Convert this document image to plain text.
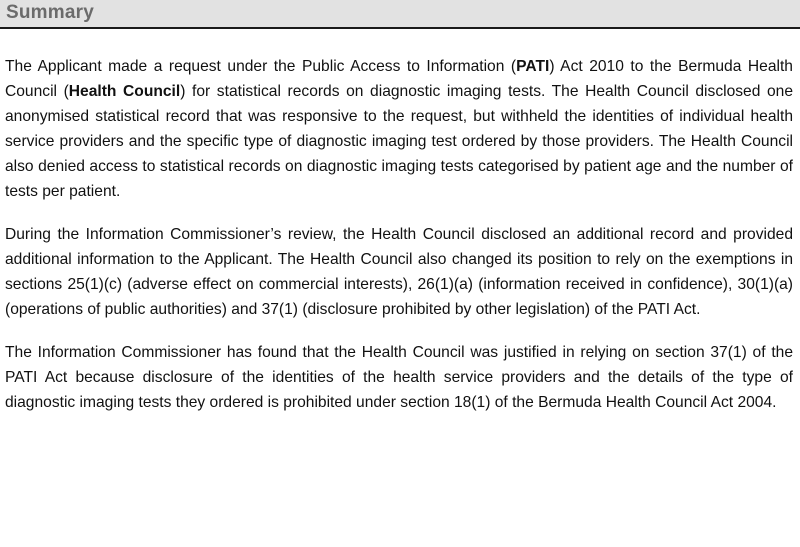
Summary

The Applicant made a request under the Public Access to Information (PATI) Act 2010 to the Bermuda Health Council (Health Council) for statistical records on diagnostic imaging tests. The Health Council disclosed one anonymised statistical record that was responsive to the request, but withheld the identities of individual health service providers and the specific type of diagnostic imaging test ordered by those providers. The Health Council also denied access to statistical records on diagnostic imaging tests categorised by patient age and the number of tests per patient.

During the Information Commissioner’s review, the Health Council disclosed an additional record and provided additional information to the Applicant. The Health Council also changed its position to rely on the exemptions in sections 25(1)(c) (adverse effect on commercial interests), 26(1)(a) (information received in confidence), 30(1)(a) (operations of public authorities) and 37(1) (disclosure prohibited by other legislation) of the PATI Act.

The Information Commissioner has found that the Health Council was justified in relying on section 37(1) of the PATI Act because disclosure of the identities of the health service providers and the details of the type of diagnostic imaging tests they ordered is prohibited under section 18(1) of the Bermuda Health Council Act 2004.
